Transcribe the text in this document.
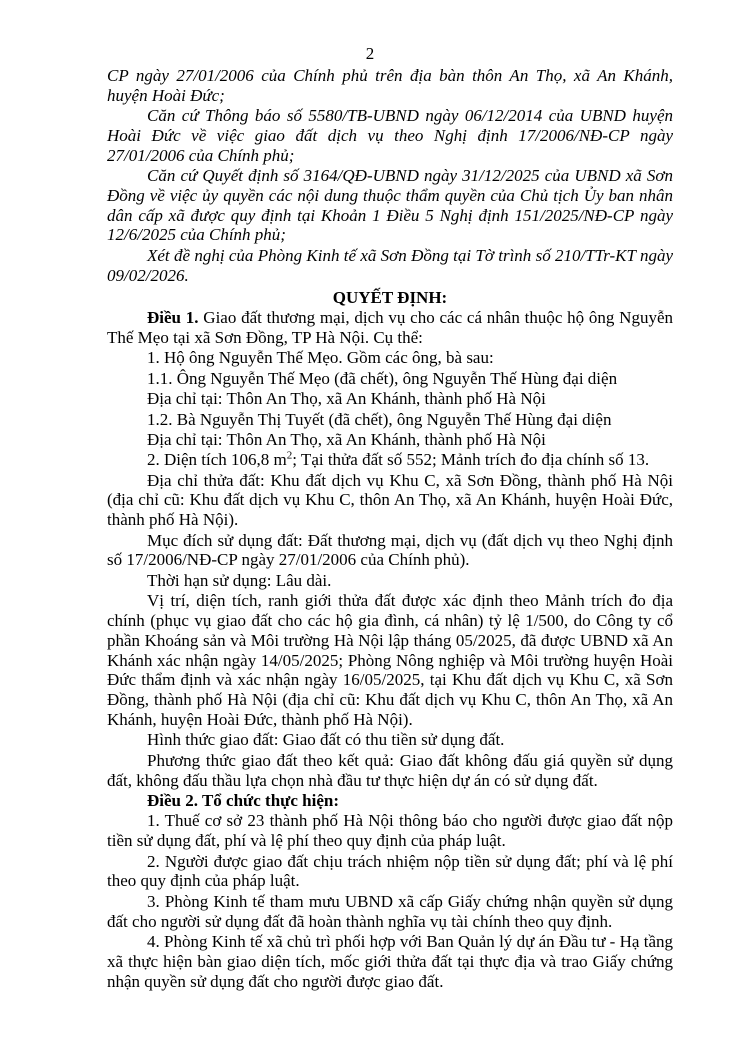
2
CP ngày 27/01/2006 của Chính phủ trên địa bàn thôn An Thọ, xã An Khánh, huyện Hoài Đức;
Căn cứ Thông báo số 5580/TB-UBND ngày 06/12/2014 của UBND huyện Hoài Đức về việc giao đất dịch vụ theo Nghị định 17/2006/NĐ-CP ngày 27/01/2006 của Chính phủ;
Căn cứ Quyết định số 3164/QĐ-UBND ngày 31/12/2025 của UBND xã Sơn Đồng về việc ủy quyền các nội dung thuộc thẩm quyền của Chủ tịch Ủy ban nhân dân cấp xã được quy định tại Khoản 1 Điều 5 Nghị định 151/2025/NĐ-CP ngày 12/6/2025 của Chính phủ;
Xét đề nghị của Phòng Kinh tế xã Sơn Đồng tại Tờ trình số 210/TTr-KT ngày 09/02/2026.
QUYẾT ĐỊNH:
Điều 1. Giao đất thương mại, dịch vụ cho các cá nhân thuộc hộ ông Nguyễn Thế Mẹo tại xã Sơn Đồng, TP Hà Nội. Cụ thể:
1. Hộ ông Nguyễn Thế Mẹo. Gồm các ông, bà sau:
1.1. Ông Nguyễn Thế Mẹo (đã chết), ông Nguyễn Thế Hùng đại diện
Địa chỉ tại: Thôn An Thọ, xã An Khánh, thành phố Hà Nội
1.2. Bà Nguyễn Thị Tuyết (đã chết), ông Nguyễn Thế Hùng đại diện
Địa chỉ tại: Thôn An Thọ, xã An Khánh, thành phố Hà Nội
2. Diện tích 106,8 $m^2$; Tại thửa đất số 552; Mảnh trích đo địa chính số 13.
Địa chỉ thửa đất: Khu đất dịch vụ Khu C, xã Sơn Đồng, thành phố Hà Nội (địa chỉ cũ: Khu đất dịch vụ Khu C, thôn An Thọ, xã An Khánh, huyện Hoài Đức, thành phố Hà Nội).
Mục đích sử dụng đất: Đất thương mại, dịch vụ (đất dịch vụ theo Nghị định số 17/2006/NĐ-CP ngày 27/01/2006 của Chính phủ).
Thời hạn sử dụng: Lâu dài.
Vị trí, diện tích, ranh giới thửa đất được xác định theo Mảnh trích đo địa chính (phục vụ giao đất cho các hộ gia đình, cá nhân) tỷ lệ 1/500, do Công ty cổ phần Khoáng sản và Môi trường Hà Nội lập tháng 05/2025, đã được UBND xã An Khánh xác nhận ngày 14/05/2025; Phòng Nông nghiệp và Môi trường huyện Hoài Đức thẩm định và xác nhận ngày 16/05/2025, tại Khu đất dịch vụ Khu C, xã Sơn Đồng, thành phố Hà Nội (địa chỉ cũ: Khu đất dịch vụ Khu C, thôn An Thọ, xã An Khánh, huyện Hoài Đức, thành phố Hà Nội).
Hình thức giao đất: Giao đất có thu tiền sử dụng đất.
Phương thức giao đất theo kết quả: Giao đất không đấu giá quyền sử dụng đất, không đấu thầu lựa chọn nhà đầu tư thực hiện dự án có sử dụng đất.
Điều 2. Tổ chức thực hiện:
1. Thuế cơ sở 23 thành phố Hà Nội thông báo cho người được giao đất nộp tiền sử dụng đất, phí và lệ phí theo quy định của pháp luật.
2. Người được giao đất chịu trách nhiệm nộp tiền sử dụng đất; phí và lệ phí theo quy định của pháp luật.
3. Phòng Kinh tế tham mưu UBND xã cấp Giấy chứng nhận quyền sử dụng đất cho người sử dụng đất đã hoàn thành nghĩa vụ tài chính theo quy định.
4. Phòng Kinh tế xã chủ trì phối hợp với Ban Quản lý dự án Đầu tư - Hạ tầng xã thực hiện bàn giao diện tích, mốc giới thửa đất tại thực địa và trao Giấy chứng nhận quyền sử dụng đất cho người được giao đất.
